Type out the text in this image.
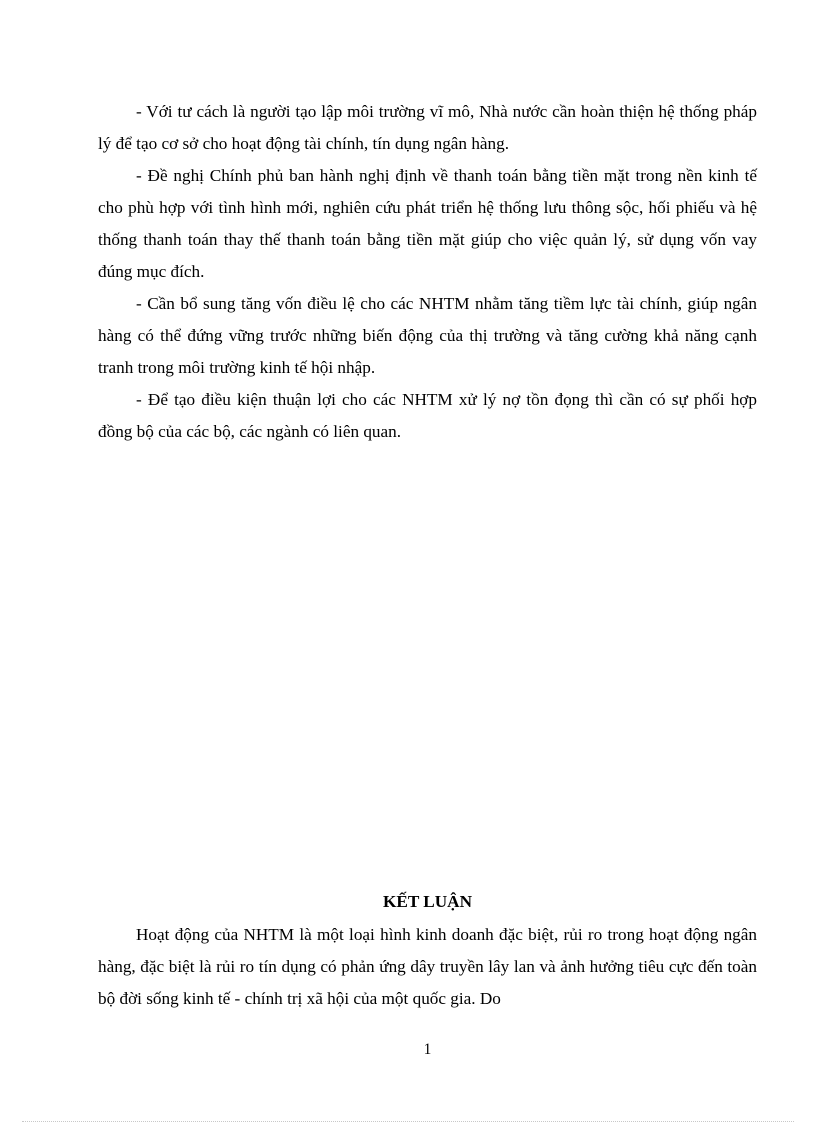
- Với tư cách là người tạo lập môi trường vĩ mô, Nhà nước cần hoàn thiện hệ thống pháp lý để tạo cơ sở cho hoạt động tài chính, tín dụng ngân hàng.

- Đề nghị Chính phủ ban hành nghị định về thanh toán bằng tiền mặt trong nền kinh tế cho phù hợp với tình hình mới, nghiên cứu phát triển hệ thống lưu thông sộc, hối phiếu và hệ thống thanh toán thay thế thanh toán bằng tiền mặt giúp cho việc quản lý, sử dụng vốn vay đúng mục đích.

- Cần bổ sung tăng vốn điều lệ cho các NHTM nhằm tăng tiềm lực tài chính, giúp ngân hàng có thể đứng vững trước những biến động của thị trường và tăng cường khả năng cạnh tranh trong môi trường kinh tế hội nhập.

- Để tạo điều kiện thuận lợi cho các NHTM xử lý nợ tồn đọng thì cần có sự phối hợp đồng bộ của các bộ, các ngành có liên quan.

KẾT LUẬN

Hoạt động của NHTM là một loại hình kinh doanh đặc biệt, rủi ro trong hoạt động ngân hàng, đặc biệt là rủi ro tín dụng có phản ứng dây truyền lây lan và ảnh hưởng tiêu cực đến toàn bộ đời sống kinh tế - chính trị xã hội của một quốc gia. Do

1
